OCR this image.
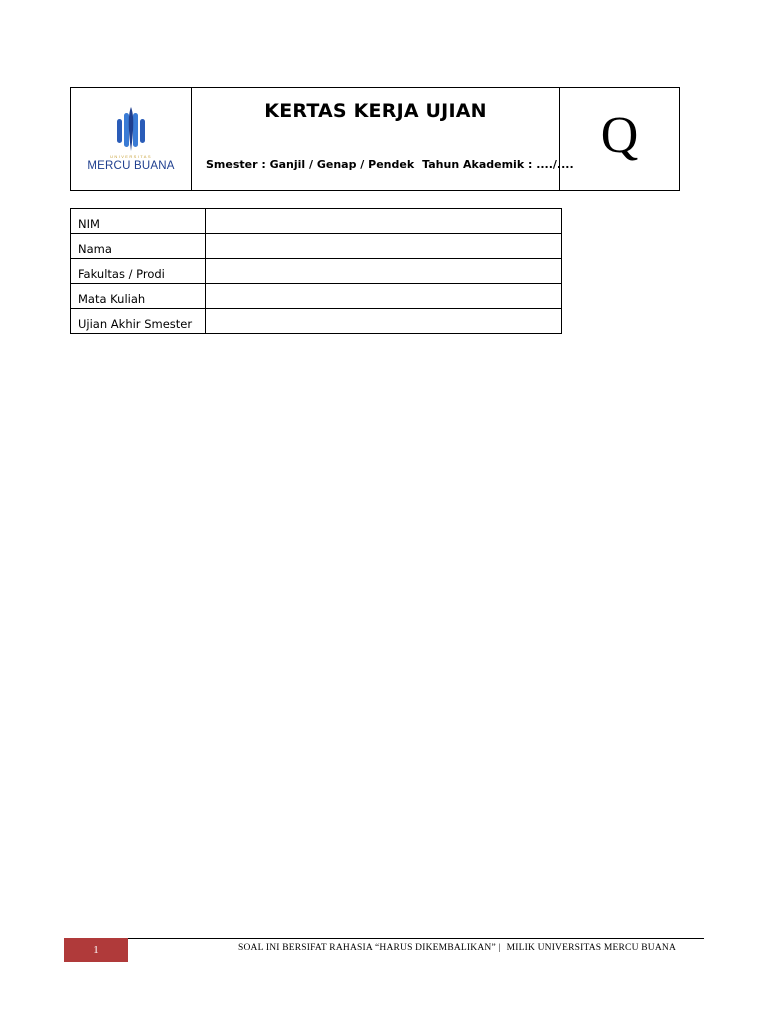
UNIVERSITAS
MERCU BUANA
KERTAS KERJA UJIAN
Smester : Ganjil / Genap / Pendek Tahun Akademik : ..../....
Q
NIM	
Nama	
Fakultas / Prodi	
Mata Kuliah	
Ujian Akhir Smester	
1	SOAL INI BERSIFAT RAHASIA “HARUS DIKEMBALIKAN” | MILIK UNIVERSITAS MERCU BUANA
